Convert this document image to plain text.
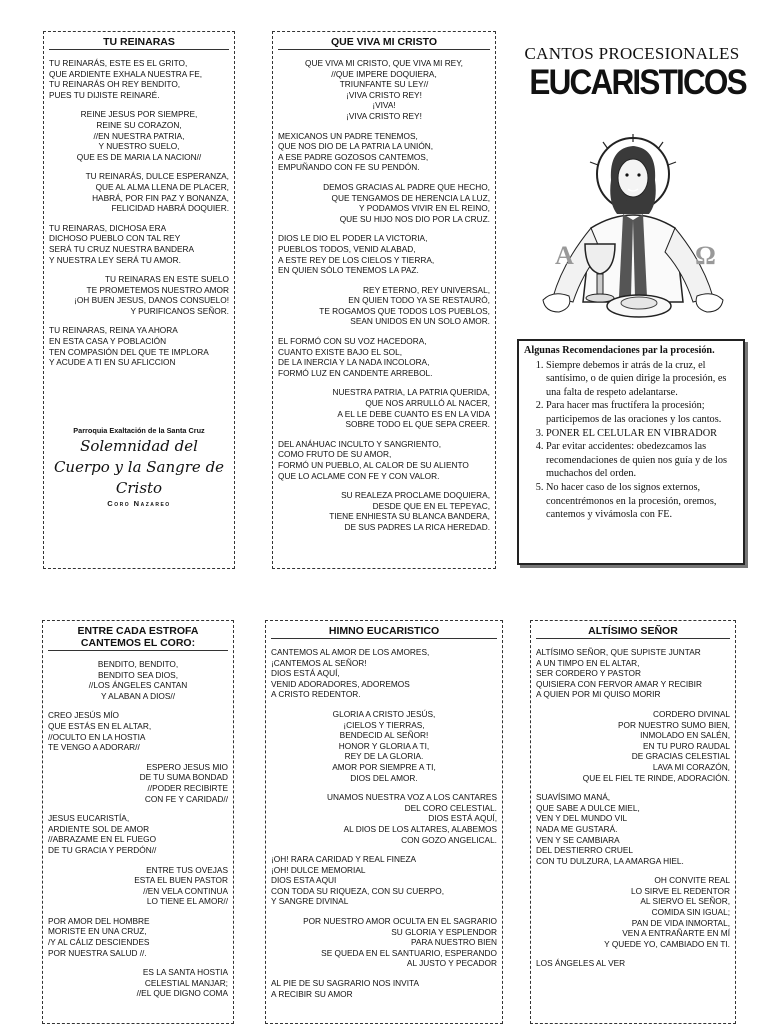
TU REINARAS
TU REINARÁS, ESTE ES EL GRITO,
QUE ARDIENTE EXHALA NUESTRA FE,
TU REINARÁS OH REY BENDITO,
PUES TU DIJISTE REINARÉ.
REINE JESUS POR SIEMPRE,
REINE SU CORAZON,
//EN NUESTRA PATRIA,
Y NUESTRO SUELO,
QUE ES DE MARIA LA NACION//
TU REINARÁS, DULCE ESPERANZA,
QUE AL ALMA LLENA DE PLACER,
HABRÁ, POR FIN PAZ Y BONANZA,
FELICIDAD HABRÁ DOQUIER.
TU REINARAS, DICHOSA ERA
DICHOSO PUEBLO CON TAL REY
SERÁ TU CRUZ NUESTRA BANDERA
Y NUESTRA LEY SERÁ TU AMOR.
TU REINARAS EN ESTE SUELO
TE PROMETEMOS NUESTRO AMOR
¡OH BUEN JESUS, DANOS CONSUELO!
Y PURIFICANOS SEÑOR.
TU REINARAS, REINA YA AHORA
EN ESTA CASA Y POBLACIÓN
TEN COMPASIÓN DEL QUE TE IMPLORA
Y ACUDE A TI EN SU AFLICCION
Parroquia Exaltación de la Santa Cruz
Solemnidad del
Cuerpo y la Sangre de Cristo
Coro Nazareo
QUE VIVA MI CRISTO
QUE VIVA MI CRISTO, QUE VIVA MI REY,
//QUE IMPERE DOQUIERA,
TRIUNFANTE SU LEY//
¡VIVA CRISTO REY!
¡VIVA!
¡VIVA CRISTO REY!
MEXICANOS UN PADRE TENEMOS,
QUE NOS DIO DE LA PATRIA LA UNIÓN,
A ESE PADRE GOZOSOS CANTEMOS,
EMPUÑANDO CON FE SU PENDÓN.
DEMOS GRACIAS AL PADRE QUE HECHO,
QUE TENGAMOS DE HERENCIA LA LUZ,
Y PODAMOS VIVIR EN EL REINO,
QUE SU HIJO NOS DIO POR LA CRUZ.
DIOS LE DIO EL PODER LA VICTORIA,
PUEBLOS TODOS, VENID ALABAD,
A ESTE REY DE LOS CIELOS Y TIERRA,
EN QUIEN SÓLO TENEMOS LA PAZ.
REY ETERNO, REY UNIVERSAL,
EN QUIEN TODO YA SE RESTAURÓ,
TE ROGAMOS QUE TODOS LOS PUEBLOS,
SEAN UNIDOS EN UN SOLO AMOR.
EL FORMÓ CON SU VOZ HACEDORA,
CUANTO EXISTE BAJO EL SOL,
DE LA INERCIA Y LA NADA INCOLORA,
FORMÓ LUZ EN CANDENTE ARREBOL.
NUESTRA PATRIA, LA PATRIA QUERIDA,
QUE NOS ARRULLÓ AL NACER,
A EL LE DEBE CUANTO ES EN LA VIDA
SOBRE TODO EL QUE SEPA CREER.
DEL ANÁHUAC INCULTO Y SANGRIENTO,
COMO FRUTO DE SU AMOR,
FORMÓ UN PUEBLO, AL CALOR DE SU ALIENTO
QUE LO ACLAME CON FE Y CON VALOR.
SU REALEZA PROCLAME DOQUIERA,
DESDE QUE EN EL TEPEYAC,
TIENE ENHIESTA SU BLANCA BANDERA,
DE SUS PADRES LA RICA HEREDAD.
CANTOS PROCESIONALES
EUCARISTICOS
A	Ω
Algunas Recomendaciones par la procesión.
1. Siempre debemos ir atrás de la cruz, el santísimo, o de quien dirige la procesión, es una falta de respeto adelantarse.
2. Para hacer mas fructífera la procesión; participemos de las oraciones y los cantos.
3. PONER EL CELULAR EN VIBRADOR
4. Par evitar accidentes: obedezcamos las recomendaciones de quien nos guía y de los muchachos del orden.
5. No hacer caso de los signos externos, concentrémonos en la procesión, oremos, cantemos y vivámosla con FE.
ENTRE CADA ESTROFA
CANTEMOS EL CORO:
BENDITO, BENDITO,
BENDITO SEA DIOS,
//LOS ÁNGELES CANTAN
Y ALABAN A DIOS//
CREO JESÚS MÍO
QUE ESTÁS EN EL ALTAR,
//OCULTO EN LA HOSTIA
TE VENGO A ADORAR//
ESPERO JESUS MIO
DE TU SUMA BONDAD
//PODER RECIBIRTE
CON FE Y CARIDAD//
JESUS EUCARISTÍA,
ARDIENTE SOL DE AMOR
//ABRAZAME EN EL FUEGO
DE TU GRACIA Y PERDÓN//
ENTRE TUS OVEJAS
ESTA EL BUEN PASTOR
//EN VELA CONTINUA
LO TIENE EL AMOR//
POR AMOR DEL HOMBRE
MORISTE EN UNA CRUZ,
/Y AL CÁLIZ DESCIENDES
POR NUESTRA SALUD //.
ES LA SANTA HOSTIA
CELESTIAL MANJAR;
//EL QUE DIGNO COMA
HIMNO EUCARISTICO
CANTEMOS AL AMOR DE LOS AMORES,
¡CANTEMOS AL SEÑOR!
DIOS ESTÁ AQUÍ,
VENID ADORADORES, ADOREMOS
A CRISTO REDENTOR.
GLORIA A CRISTO JESÚS,
¡CIELOS Y TIERRAS,
BENDECID AL SEÑOR!
HONOR Y GLORIA A TI,
REY DE LA GLORIA.
AMOR POR SIEMPRE A TI,
DIOS DEL AMOR.
UNAMOS NUESTRA VOZ A LOS CANTARES
DEL CORO CELESTIAL.
DIOS ESTÁ AQUÍ,
AL DIOS DE LOS ALTARES, ALABEMOS
CON GOZO ANGELICAL.
¡OH! RARA CARIDAD Y REAL FINEZA
¡OH! DULCE MEMORIAL
DIOS ESTA AQUI
CON TODA SU RIQUEZA, CON SU CUERPO,
Y SANGRE DIVINAL
POR NUESTRO AMOR OCULTA EN EL SAGRARIO
SU GLORIA Y ESPLENDOR
PARA NUESTRO BIEN
SE QUEDA EN EL SANTUARIO, ESPERANDO
AL JUSTO Y PECADOR
AL PIE DE SU SAGRARIO NOS INVITA
A RECIBIR SU AMOR
ALTÍSIMO SEÑOR
ALTÍSIMO SEÑOR, QUE SUPISTE JUNTAR
A UN TIMPO EN EL ALTAR,
SER CORDERO Y PASTOR
QUISIERA CON FERVOR AMAR Y RECIBIR
A QUIEN POR MI QUISO MORIR
CORDERO DIVINAL
POR NUESTRO SUMO BIEN,
INMOLADO EN SALÉN,
EN TU PURO RAUDAL
DE GRACIAS CELESTIAL
LAVA MI CORAZÓN,
QUE EL FIEL TE RINDE, ADORACIÓN.
SUAVÍSIMO MANÁ,
QUE SABE A DULCE MIEL,
VEN Y DEL MUNDO VIL
NADA ME GUSTARÁ.
VEN Y SE CAMBIARA
DEL DESTIERRO CRUEL
CON TU DULZURA, LA AMARGA HIEL.
OH CONVITE REAL
LO SIRVE EL REDENTOR
AL SIERVO EL SEÑOR,
COMIDA SIN IGUAL;
PAN DE VIDA INMORTAL,
VEN A ENTRAÑARTE EN MÍ
Y QUEDE YO, CAMBIADO EN TI.
LOS ÁNGELES AL VER
